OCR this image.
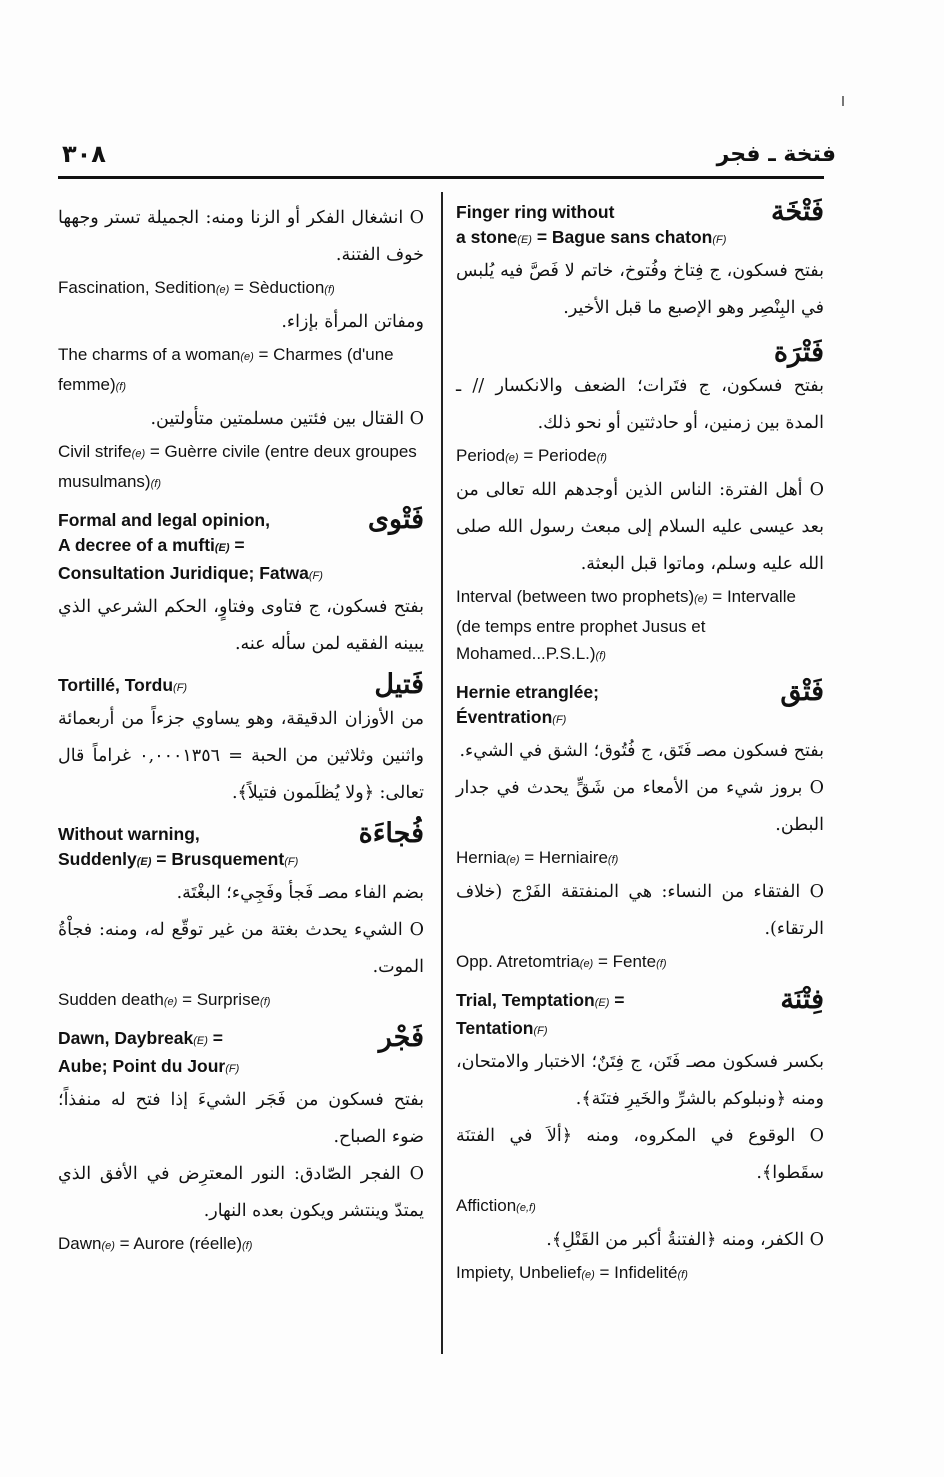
٣٠٨	فتخة ـ فجر
فَتْخَة
Finger ring without
a stone(E) = Bague sans chaton(F)
بفتح فسكون، ج فِتاخ وفُتوخ، خاتم لا فَصَّ فيه يُلبس في البِنْصِر وهو الإصبع ما قبل الأخير.
فَتْرَة
بفتح فسكون، ج فتَرات؛ الضعف والانكسار // ـ المدة بين زمنين، أو حادثتين أو نحو ذلك.
Period(e) = Periode(f)
O أهل الفترة: الناس الذين أوجدهم الله تعالى من بعد عيسى عليه السلام إلى مبعث رسول الله صلى الله عليه وسلم، وماتوا قبل البعثة.
Interval (between two prophets)(e) = Intervalle (de temps entre prophet Jusus et Mohamed...P.S.L.)(f)
فَتْق
Hernie etranglée;
Éventration(F)
بفتح فسكون مصـ فَتَق، ج فُتُوق؛ الشق في الشيء.
O بروز شيء من الأمعاء من شَقٍّ يحدث في جدار البطن.
Hernia(e) = Herniaire(f)
O الفتقاء من النساء: هي المنفتقة الفَرْج (خلاف الرتقاء).
Opp. Atretomtria(e) = Fente(f)
فِتْنَة
Trial, Temptation(E) =
Tentation(F)
بكسر فسكون مصـ فَتَن، ج فِتَنٌ؛ الاختبار والامتحان، ومنه ﴿ونبلوكم بالشرِّ والخَيرِ فتنَة﴾.
O الوقوع في المكروه، ومنه ﴿ألاَ في الفتنَة سقَطوا﴾.
Affiction(e,f)
O الكفر، ومنه ﴿الفتنةُ أكبر من القَتْلِ﴾.
Impiety, Unbelief(e) = Infidelité(f)
O انشغال الفكر أو الزنا ومنه: الجميلة تستر وجهها خوف الفتنة.
Fascination, Sedition(e) = Sèduction(f)
ومفاتن المرأة بإزاء.
The charms of a woman(e) = Charmes (d'une femme)(f)
O القتال بين فئتين مسلمتين متأولتين.
Civil strife(e) = Guèrre civile (entre deux groupes musulmans)(f)
فَتْوى
Formal and legal opinion,
A decree of a mufti(E) =
Consultation Juridique; Fatwa(F)
بفتح فسكون، ج فتاوى وفتاوٍ، الحكم الشرعي الذي يبينه الفقيه لمن سأله عنه.
فَتيل
Tortillé, Tordu(F)
من الأوزان الدقيقة، وهو يساوي جزءاً من أربعمائة واثنين وثلاثين من الحبة = ٠,٠٠٠١٣٥٦ غراماً قال تعالى: ﴿ولا يُظلَمون فتيلاً﴾.
فُجاءَة
Without warning,
Suddenly(E) = Brusquement(F)
بضم الفاء مصـ فَجأ وفَجِيء؛ البغْتَة.
O الشيء يحدث بغتة من غير توقّع له، ومنه: فجاْةُ الموت.
Sudden death(e) = Surprise(f)
فَجْر
Dawn, Daybreak(E) =
Aube; Point du Jour(F)
بفتح فسكون من فَجَر الشيءَ إذا فتح له منفذاً؛ ضوء الصباح.
O الفجر الصّادق: النور المعترِض في الأفق الذي يمتدّ وينتشر ويكون بعده النهار.
Dawn(e) = Aurore (réelle)(f)
